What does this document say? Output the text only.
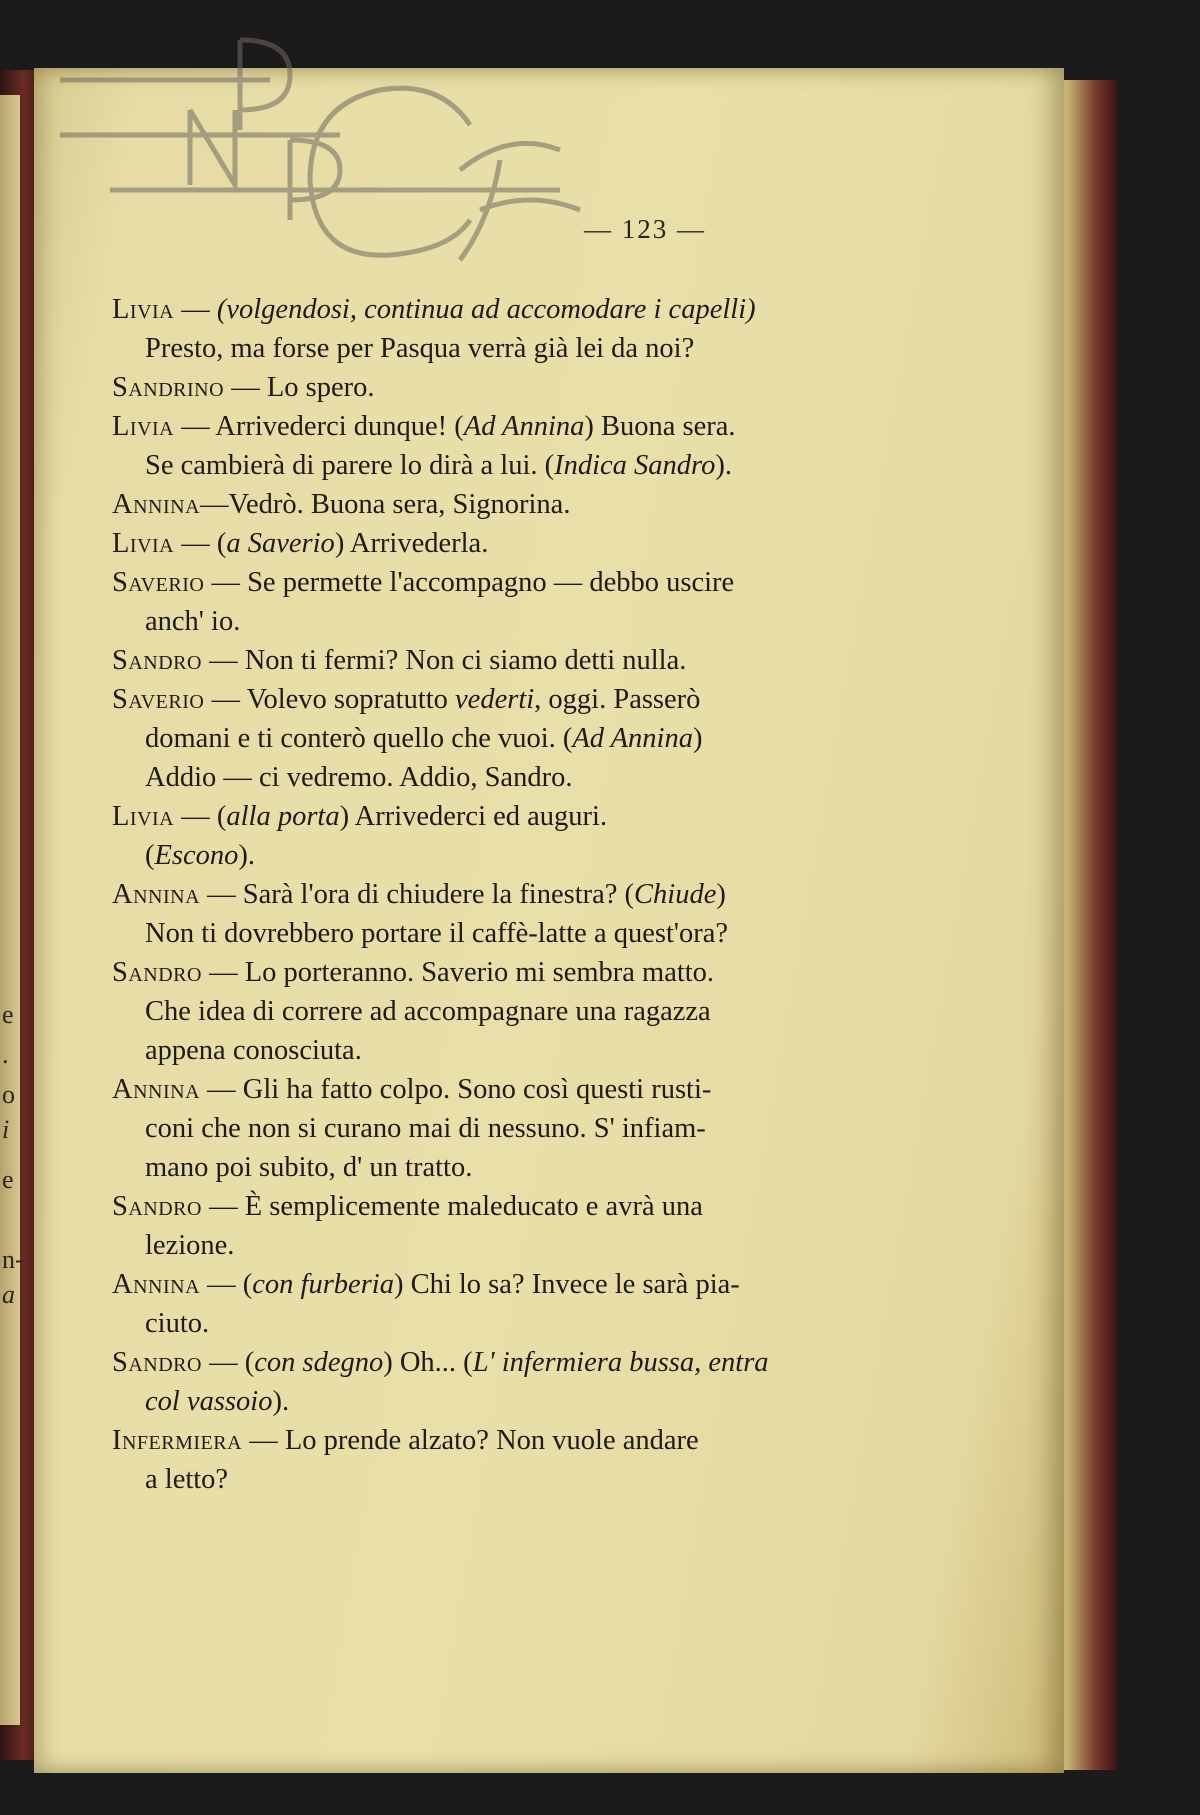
e
.
o
i
e
n-
a
— 123 —

Livia — (volgendosi, continua ad accomodare i capelli)
Presto, ma forse per Pasqua verrà già lei da noi?

Sandrino — Lo spero.

Livia — Arrivederci dunque! (Ad Annina) Buona sera.
Se cambierà di parere lo dirà a lui. (Indica Sandro).

Annina—Vedrò. Buona sera, Signorina.

Livia — (a Saverio) Arrivederla.

Saverio — Se permette l'accompagno — debbo uscire
anch' io.

Sandro — Non ti fermi? Non ci siamo detti nulla.

Saverio — Volevo sopratutto vederti, oggi. Passerò
domani e ti conterò quello che vuoi. (Ad Annina)
Addio — ci vedremo. Addio, Sandro.

Livia — (alla porta) Arrivederci ed auguri.
(Escono).

Annina — Sarà l'ora di chiudere la finestra? (Chiude)
Non ti dovrebbero portare il caffè-latte a quest'ora?

Sandro — Lo porteranno. Saverio mi sembra matto.
Che idea di correre ad accompagnare una ragazza
appena conosciuta.

Annina — Gli ha fatto colpo. Sono così questi rusti-
coni che non si curano mai di nessuno. S' infiam-
mano poi subito, d' un tratto.

Sandro — È semplicemente maleducato e avrà una
lezione.

Annina — (con furberia) Chi lo sa? Invece le sarà pia-
ciuto.

Sandro — (con sdegno) Oh... (L' infermiera bussa, entra
col vassoio).

Infermiera — Lo prende alzato? Non vuole andare
a letto?
